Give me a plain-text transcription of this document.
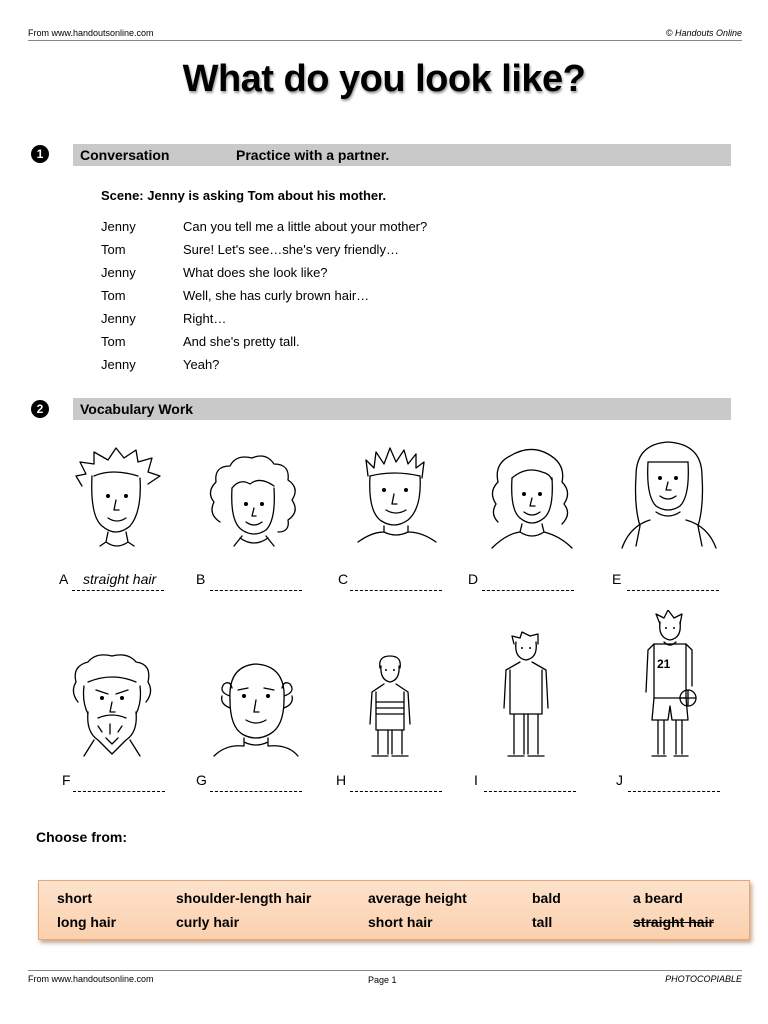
From www.handoutsonline.com	© Handouts Online
What do you look like?
1	Conversation	Practice with a partner.
Scene: Jenny is asking Tom about his mother.
Jenny	Can you tell me a little about your mother?
Tom	Sure! Let's see…she's very friendly…
Jenny	What does she look like?
Tom	Well, she has curly brown hair…
Jenny	Right…
Tom	And she's pretty tall.
Jenny	Yeah?
2	Vocabulary Work
A straight hair	B	C	D	E
21
F	G	H	I	J
Choose from:
short	shoulder-length hair	average height	bald	a beard
long hair	curly hair	short hair	tall	straight hair
From www.handoutsonline.com	Page 1	PHOTOCOPIABLE
